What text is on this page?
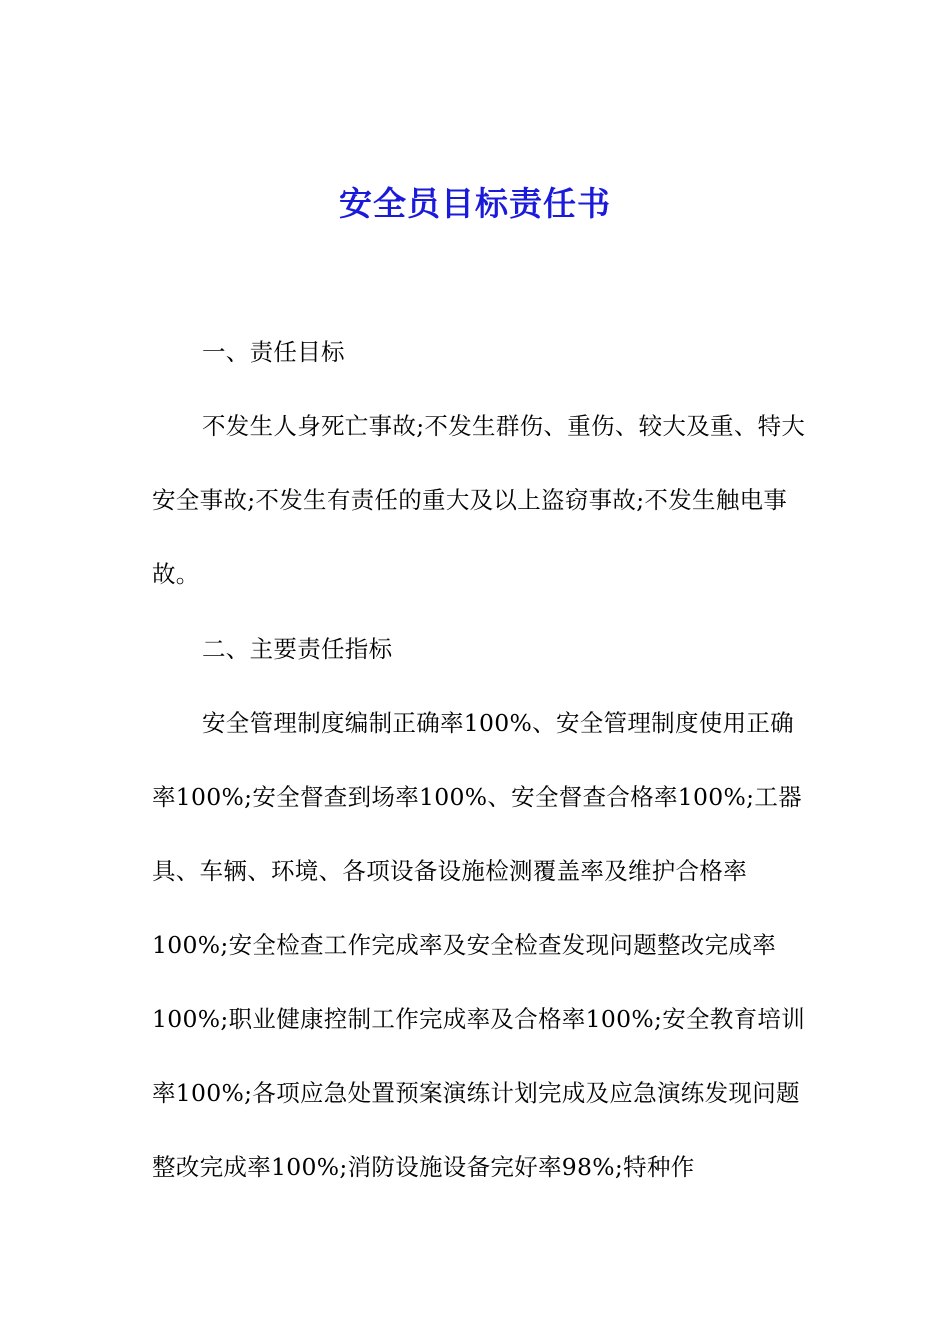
安全员目标责任书

一、责任目标

不发生人身死亡事故;不发生群伤、重伤、较大及重、特大安全事故;不发生有责任的重大及以上盗窃事故;不发生触电事故。

二、主要责任指标

安全管理制度编制正确率100%、安全管理制度使用正确率100%;安全督查到场率100%、安全督查合格率100%;工器具、车辆、环境、各项设备设施检测覆盖率及维护合格率100%;安全检查工作完成率及安全检查发现问题整改完成率100%;职业健康控制工作完成率及合格率100%;安全教育培训率100%;各项应急处置预案演练计划完成及应急演练发现问题整改完成率100%;消防设施设备完好率98%;特种作
